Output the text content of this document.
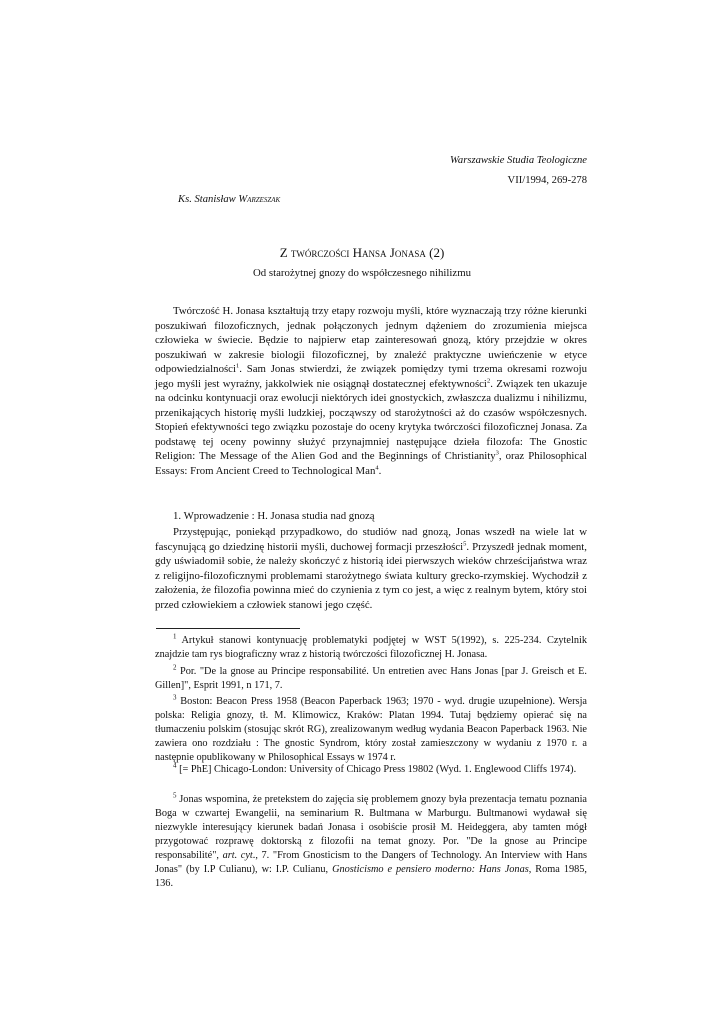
Warszawskie Studia Teologiczne
VII/1994, 269-278
Ks. Stanisław Warzeszak
Z twórczości Hansa Jonasa (2)
Od starożytnej gnozy do współczesnego nihilizmu

Twórczość H. Jonasa kształtują trzy etapy rozwoju myśli, które wyznaczają trzy różne kierunki poszukiwań filozoficznych, jednak połączonych jednym dążeniem do zrozumienia miejsca człowieka w świecie. Będzie to najpierw etap zainteresowań gnozą, który przejdzie w okres poszukiwań w zakresie biologii filozoficznej, by znaleźć praktyczne uwieńczenie w etyce odpowiedzialności$^1$. Sam Jonas stwierdzi, że związek pomiędzy tymi trzema okresami rozwoju jego myśli jest wyraźny, jakkolwiek nie osiągnął dostatecznej efektywności$^2$. Związek ten ukazuje na odcinku kontynuacji oraz ewolucji niektórych idei gnostyckich, zwłaszcza dualizmu i nihilizmu, przenikających historię myśli ludzkiej, począwszy od starożytności aż do czasów współczesnych. Stopień efektywności tego związku pozostaje do oceny krytyka twórczości filozoficznej Jonasa. Za podstawę tej oceny powinny służyć przynajmniej następujące dzieła filozofa: The Gnostic Religion: The Message of the Alien God and the Beginnings of Christianity$^3$, oraz Philosophical Essays: From Ancient Creed to Technological Man$^4$.

1. Wprowadzenie : H. Jonasa studia nad gnozą

Przystępując, poniekąd przypadkowo, do studiów nad gnozą, Jonas wszedł na wiele lat w fascynującą go dziedzinę historii myśli, duchowej formacji przeszłości$^5$. Przyszedł jednak moment, gdy uświadomił sobie, że należy skończyć z historią idei pierwszych wieków chrześcijaństwa wraz z religijno-filozoficznymi problemami starożytnego świata kultury grecko-rzymskiej. Wychodził z założenia, że filozofia powinna mieć do czynienia z tym co jest, a więc z realnym bytem, który stoi przed człowiekiem a człowiek stanowi jego część.

$^1$ Artykuł stanowi kontynuację problematyki podjętej w WST 5(1992), s. 225-234. Czytelnik znajdzie tam rys biograficzny wraz z historią twórczości filozoficznej H. Jonasa.

$^2$ Por. "De la gnose au Principe responsabilité. Un entretien avec Hans Jonas [par J. Greisch et E. Gillen]", Esprit 1991, n 171, 7.

$^3$ Boston: Beacon Press 1958 (Beacon Paperback 1963; 1970 - wyd. drugie uzupełnione). Wersja polska: Religia gnozy, tł. M. Klimowicz, Kraków: Platan 1994. Tutaj będziemy opierać się na tłumaczeniu polskim (stosując skrót RG), zrealizowanym według wydania Beacon Paperback 1963. Nie zawiera ono rozdziału : The gnostic Syndrom, który został zamieszczony w wydaniu z 1970 r. a następnie opublikowany w Philosophical Essays w 1974 r.

$^4$ [= PhE] Chicago-London: University of Chicago Press 19802 (Wyd. 1. Englewood Cliffs 1974).

$^5$ Jonas wspomina, że pretekstem do zajęcia się problemem gnozy była prezentacja tematu poznania Boga w czwartej Ewangelii, na seminarium R. Bultmana w Marburgu. Bultmanowi wydawał się niezwykle interesujący kierunek badań Jonasa i osobiście prosił M. Heideggera, aby tamten mógł przygotować rozprawę doktorską z filozofii na temat gnozy. Por. "De la gnose au Principe responsabilité", art. cyt., 7. "From Gnosticism to the Dangers of Technology. An Interview with Hans Jonas" (by I.P Culianu), w: I.P. Culianu, Gnosticismo e pensiero moderno: Hans Jonas, Roma 1985, 136.
